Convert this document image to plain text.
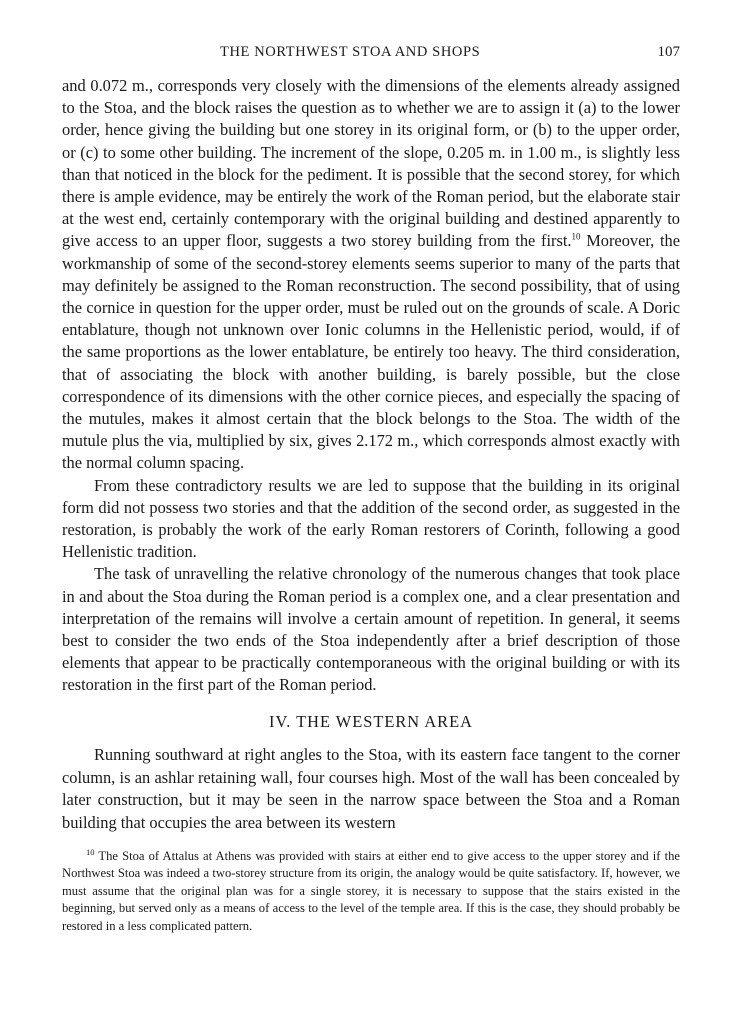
THE NORTHWEST STOA AND SHOPS	107

and 0.072 m., corresponds very closely with the dimensions of the elements already assigned to the Stoa, and the block raises the question as to whether we are to assign it (a) to the lower order, hence giving the building but one storey in its original form, or (b) to the upper order, or (c) to some other building. The increment of the slope, 0.205 m. in 1.00 m., is slightly less than that noticed in the block for the pediment. It is possible that the second storey, for which there is ample evidence, may be entirely the work of the Roman period, but the elaborate stair at the west end, certainly contemporary with the original building and destined apparently to give access to an upper floor, suggests a two storey building from the first.$^{10}$ Moreover, the workmanship of some of the second-storey elements seems superior to many of the parts that may definitely be assigned to the Roman reconstruction. The second possibility, that of using the cornice in question for the upper order, must be ruled out on the grounds of scale. A Doric entablature, though not unknown over Ionic columns in the Hellenistic period, would, if of the same proportions as the lower entablature, be entirely too heavy. The third consideration, that of associating the block with another building, is barely possible, but the close correspondence of its dimensions with the other cornice pieces, and especially the spacing of the mutules, makes it almost certain that the block belongs to the Stoa. The width of the mutule plus the via, multiplied by six, gives 2.172 m., which corresponds almost exactly with the normal column spacing.

From these contradictory results we are led to suppose that the building in its original form did not possess two stories and that the addition of the second order, as suggested in the restoration, is probably the work of the early Roman restorers of Corinth, following a good Hellenistic tradition.

The task of unravelling the relative chronology of the numerous changes that took place in and about the Stoa during the Roman period is a complex one, and a clear presentation and interpretation of the remains will involve a certain amount of repetition. In general, it seems best to consider the two ends of the Stoa independently after a brief description of those elements that appear to be practically contemporaneous with the original building or with its restoration in the first part of the Roman period.

IV. THE WESTERN AREA

Running southward at right angles to the Stoa, with its eastern face tangent to the corner column, is an ashlar retaining wall, four courses high. Most of the wall has been concealed by later construction, but it may be seen in the narrow space between the Stoa and a Roman building that occupies the area between its western

$^{10}$ The Stoa of Attalus at Athens was provided with stairs at either end to give access to the upper storey and if the Northwest Stoa was indeed a two-storey structure from its origin, the analogy would be quite satisfactory. If, however, we must assume that the original plan was for a single storey, it is necessary to suppose that the stairs existed in the beginning, but served only as a means of access to the level of the temple area. If this is the case, they should probably be restored in a less complicated pattern.
